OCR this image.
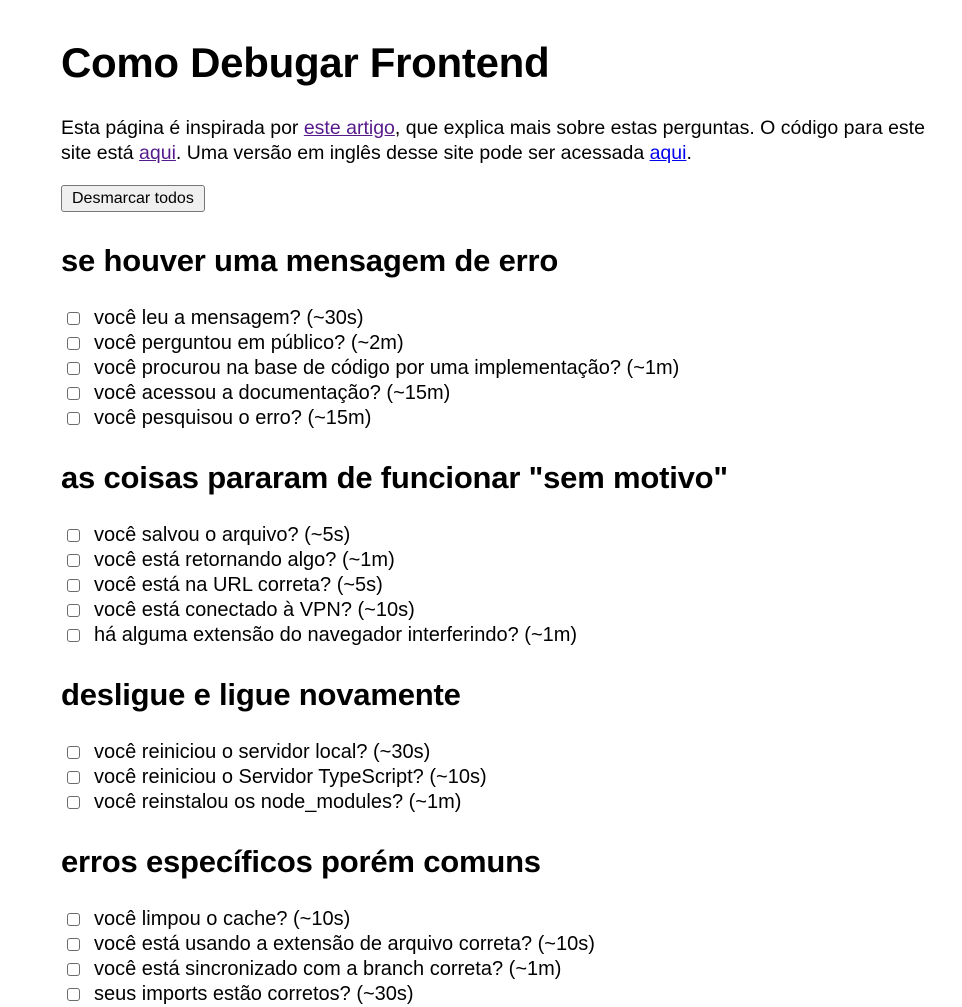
Como Debugar Frontend

Esta página é inspirada por este artigo, que explica mais sobre estas perguntas. O código para este site está aqui. Uma versão em inglês desse site pode ser acessada aqui.

Desmarcar todos
se houver uma mensagem de erro
você leu a mensagem? (~30s)
você perguntou em público? (~2m)
você procurou na base de código por uma implementação? (~1m)
você acessou a documentação? (~15m)
você pesquisou o erro? (~15m)
as coisas pararam de funcionar "sem motivo"
você salvou o arquivo? (~5s)
você está retornando algo? (~1m)
você está na URL correta? (~5s)
você está conectado à VPN? (~10s)
há alguma extensão do navegador interferindo? (~1m)
desligue e ligue novamente
você reiniciou o servidor local? (~30s)
você reiniciou o Servidor TypeScript? (~10s)
você reinstalou os node_modules? (~1m)
erros específicos porém comuns
você limpou o cache? (~10s)
você está usando a extensão de arquivo correta? (~10s)
você está sincronizado com a branch correta? (~1m)
seus imports estão corretos? (~30s)
